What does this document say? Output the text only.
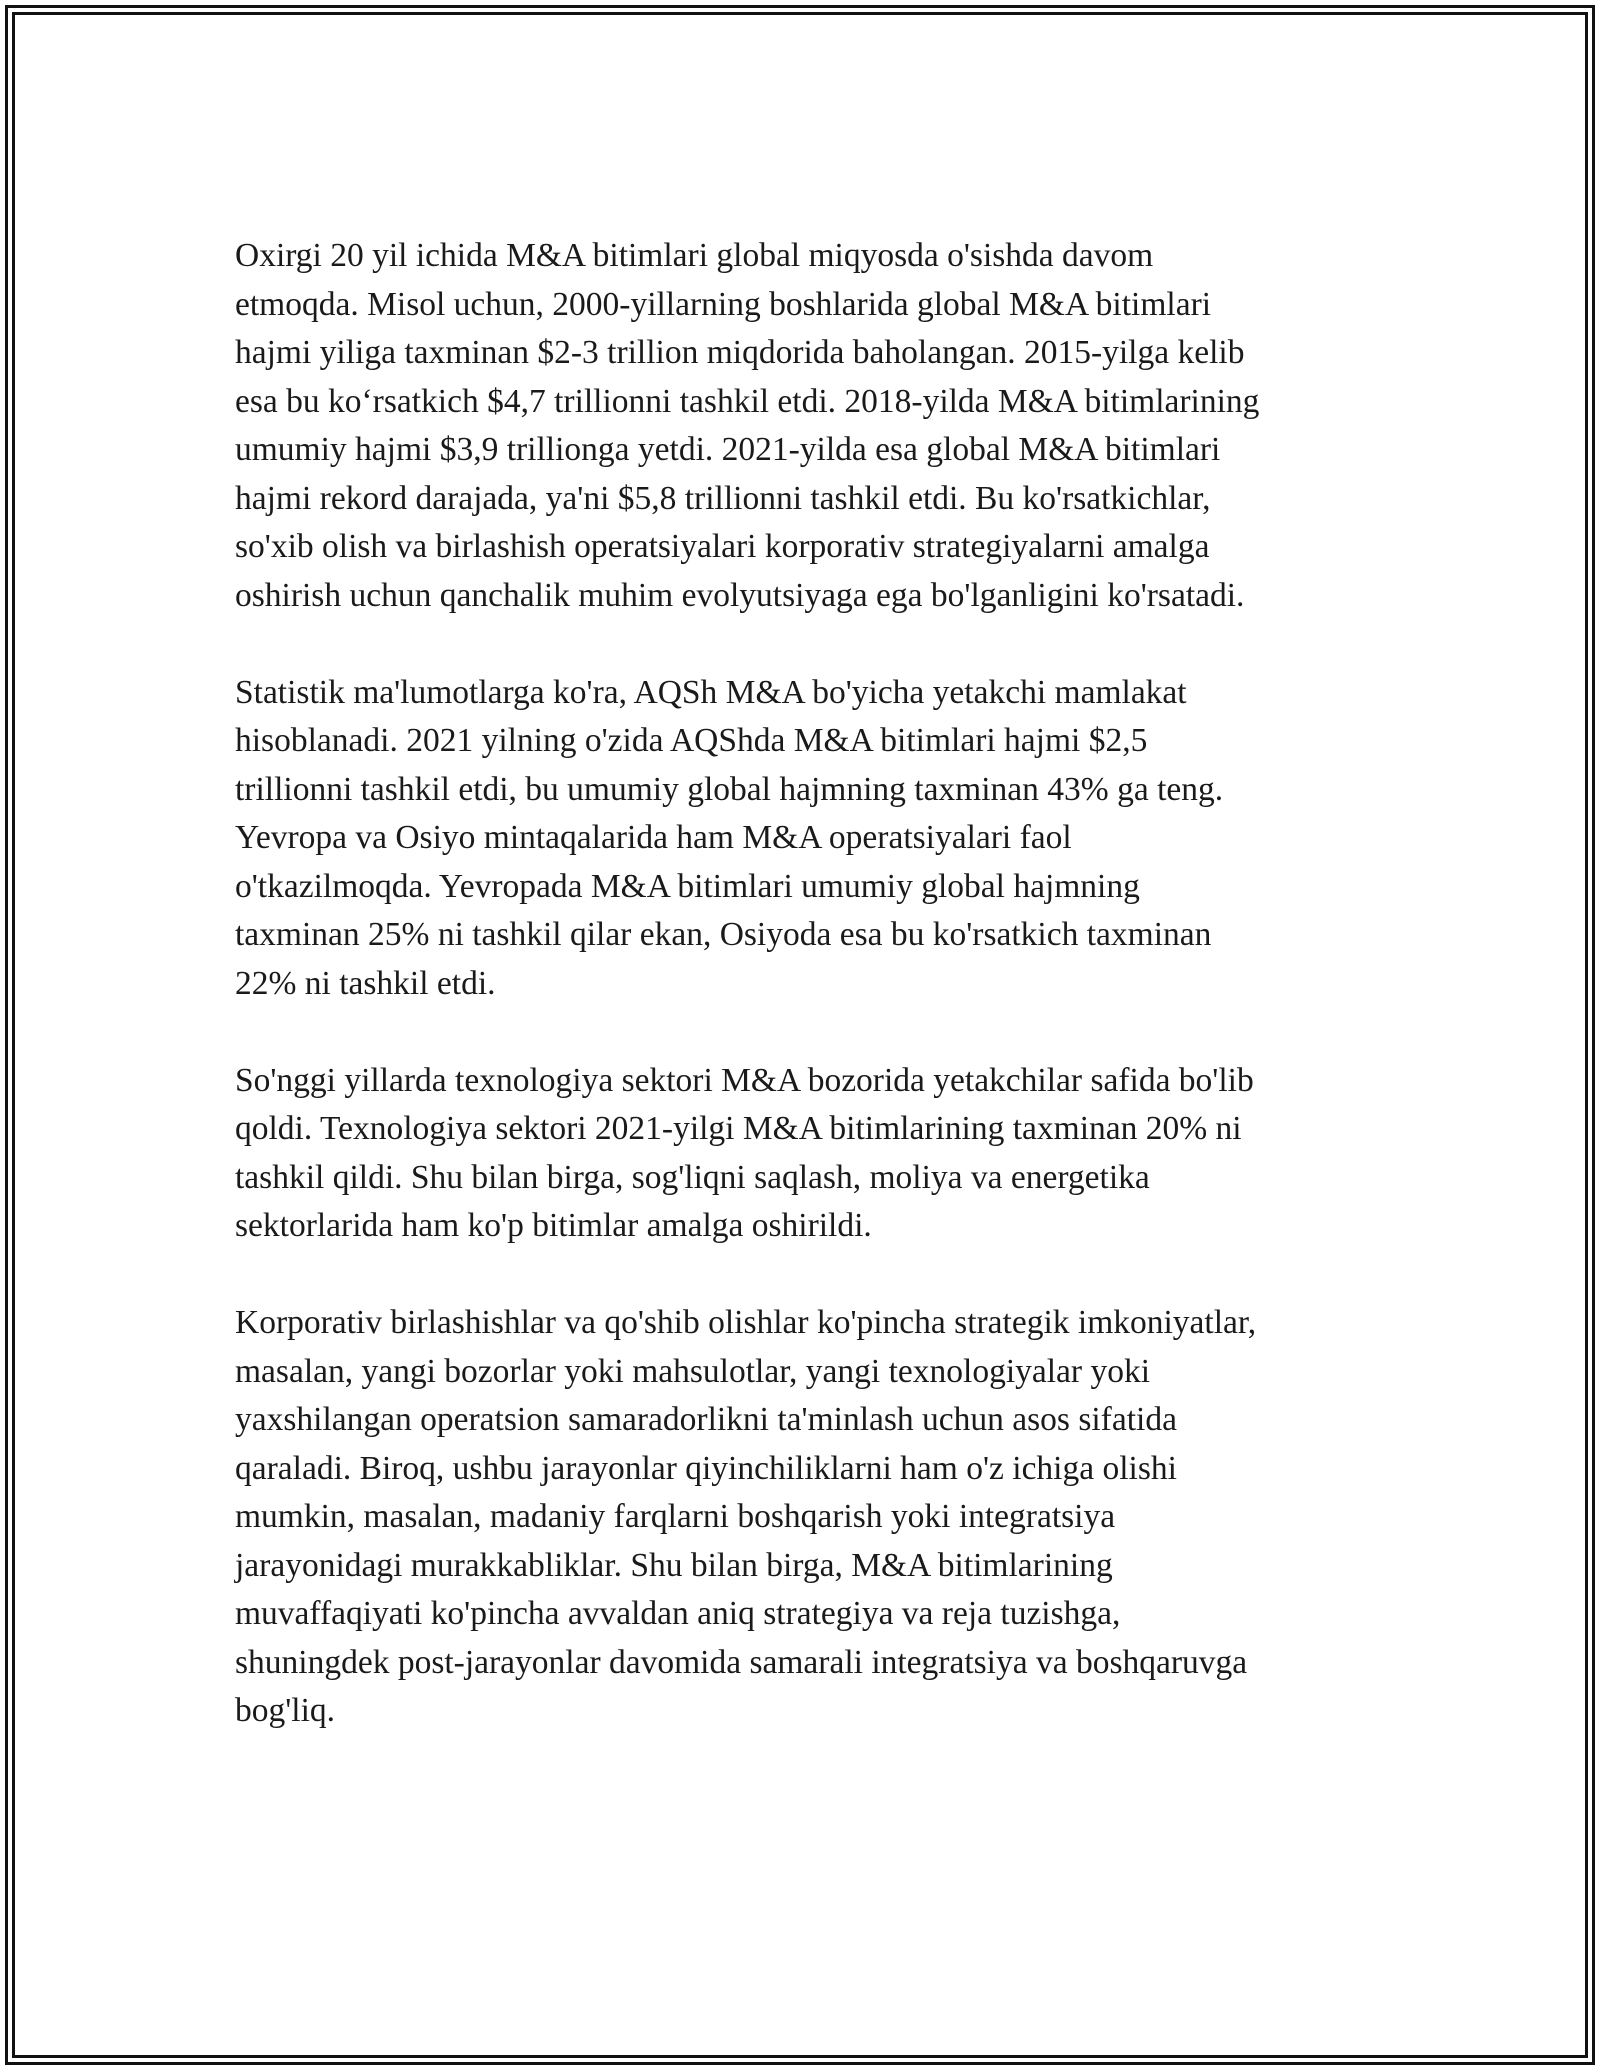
Oxirgi 20 yil ichida M&A bitimlari global miqyosda o'sishda davom
etmoqda. Misol uchun, 2000-yillarning boshlarida global M&A bitimlari
hajmi yiliga taxminan $2-3 trillion miqdorida baholangan. 2015-yilga kelib
esa bu ko‘rsatkich $4,7 trillionni tashkil etdi. 2018-yilda M&A bitimlarining
umumiy hajmi $3,9 trillionga yetdi. 2021-yilda esa global M&A bitimlari
hajmi rekord darajada, ya'ni $5,8 trillionni tashkil etdi. Bu ko'rsatkichlar,
so'xib olish va birlashish operatsiyalari korporativ strategiyalarni amalga
oshirish uchun qanchalik muhim evolyutsiyaga ega bo'lganligini ko'rsatadi.

Statistik ma'lumotlarga ko'ra, AQSh M&A bo'yicha yetakchi mamlakat
hisoblanadi. 2021 yilning o'zida AQShda M&A bitimlari hajmi $2,5
trillionni tashkil etdi, bu umumiy global hajmning taxminan 43% ga teng.
Yevropa va Osiyo mintaqalarida ham M&A operatsiyalari faol
o'tkazilmoqda. Yevropada M&A bitimlari umumiy global hajmning
taxminan 25% ni tashkil qilar ekan, Osiyoda esa bu ko'rsatkich taxminan
22% ni tashkil etdi.

So'nggi yillarda texnologiya sektori M&A bozorida yetakchilar safida bo'lib
qoldi. Texnologiya sektori 2021-yilgi M&A bitimlarining taxminan 20% ni
tashkil qildi. Shu bilan birga, sog'liqni saqlash, moliya va energetika
sektorlarida ham ko'p bitimlar amalga oshirildi.

Korporativ birlashishlar va qo'shib olishlar ko'pincha strategik imkoniyatlar,
masalan, yangi bozorlar yoki mahsulotlar, yangi texnologiyalar yoki
yaxshilangan operatsion samaradorlikni ta'minlash uchun asos sifatida
qaraladi. Biroq, ushbu jarayonlar qiyinchiliklarni ham o'z ichiga olishi
mumkin, masalan, madaniy farqlarni boshqarish yoki integratsiya
jarayonidagi murakkabliklar. Shu bilan birga, M&A bitimlarining
muvaffaqiyati ko'pincha avvaldan aniq strategiya va reja tuzishga,
shuningdek post-jarayonlar davomida samarali integratsiya va boshqaruvga
bog'liq.
